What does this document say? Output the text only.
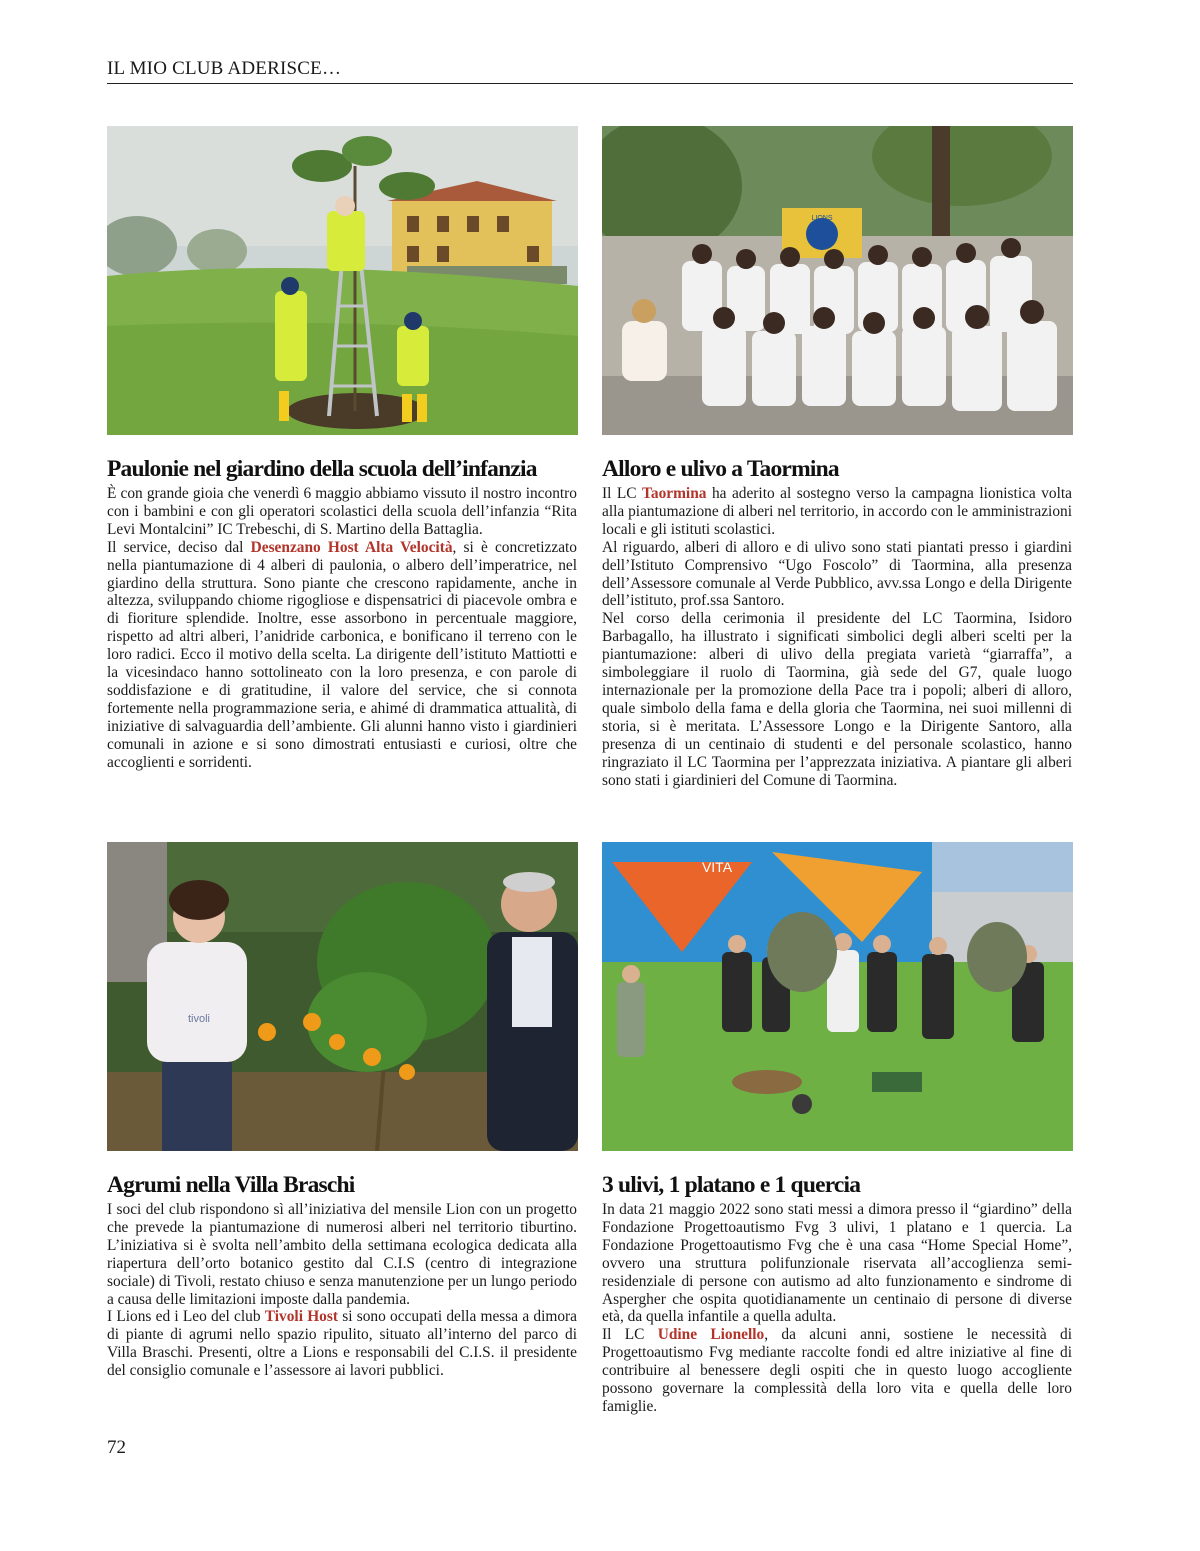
IL MIO CLUB ADERISCE…
LIONS
Paulonie nel giardino della scuola dell’infanzia

È con grande gioia che venerdì 6 maggio abbiamo vissuto il nostro incontro con i bambini e con gli operatori scolastici della scuola dell’infanzia “Rita Levi Montalcini” IC Trebeschi, di S. Martino della Battaglia.

Il service, deciso dal Desenzano Host Alta Velocità, si è concretizzato nella piantumazione di 4 alberi di paulonia, o albero dell’imperatrice, nel giardino della struttura. Sono piante che crescono rapidamente, anche in altezza, sviluppando chiome rigogliose e dispensatrici di piacevole ombra e di fioriture splendide. Inoltre, esse assorbono in percentuale maggiore, rispetto ad altri alberi, l’anidride carbonica, e bonificano il terreno con le loro radici. Ecco il motivo della scelta. La dirigente dell’istituto Mattiotti e la vicesindaco hanno sottolineato con la loro presenza, e con parole di soddisfazione e di gratitudine, il valore del service, che si connota fortemente nella programmazione seria, e ahimé di drammatica attualità, di iniziative di salvaguardia dell’ambiente. Gli alunni hanno visto i giardinieri comunali in azione e si sono dimostrati entusiasti e curiosi, oltre che accoglienti e sorridenti.

Alloro e ulivo a Taormina

Il LC Taormina ha aderito al sostegno verso la campagna lionistica volta alla piantumazione di alberi nel territorio, in accordo con le amministrazioni locali e gli istituti scolastici.

Al riguardo, alberi di alloro e di ulivo sono stati piantati presso i giardini dell’Istituto Comprensivo “Ugo Foscolo” di Taormina, alla presenza dell’Assessore comunale al Verde Pubblico, avv.ssa Longo e della Dirigente dell’istituto, prof.ssa Santoro.

Nel corso della cerimonia il presidente del LC Taormina, Isidoro Barbagallo, ha illustrato i significati simbolici degli alberi scelti per la piantumazione: alberi di ulivo della pregiata varietà “giarraffa”, a simboleggiare il ruolo di Taormina, già sede del G7, quale luogo internazionale per la promozione della Pace tra i popoli; alberi di alloro, quale simbolo della fama e della gloria che Taormina, nei suoi millenni di storia, si è meritata. L’Assessore Longo e la Dirigente Santoro, alla presenza di un centinaio di studenti e del personale scolastico, hanno ringraziato il LC Taormina per l’apprezzata iniziativa. A piantare gli alberi sono stati i giardinieri del Comune di Taormina.

tivoli
VITA
Agrumi nella Villa Braschi

I soci del club rispondono sì all’iniziativa del mensile Lion con un progetto che prevede la piantumazione di numerosi alberi nel territorio tiburtino. L’iniziativa si è svolta nell’ambito della settimana ecologica dedicata alla riapertura dell’orto botanico gestito dal C.I.S (centro di integrazione sociale) di Tivoli, restato chiuso e senza manutenzione per un lungo periodo a causa delle limitazioni imposte dalla pandemia.

I Lions ed i Leo del club Tivoli Host si sono occupati della messa a dimora di piante di agrumi nello spazio ripulito, situato all’interno del parco di Villa Braschi. Presenti, oltre a Lions e responsabili del C.I.S. il presidente del consiglio comunale e l’assessore ai lavori pubblici.

3 ulivi, 1 platano e 1 quercia

In data 21 maggio 2022 sono stati messi a dimora presso il “giardino” della Fondazione Progettoautismo Fvg 3 ulivi, 1 platano e 1 quercia. La Fondazione Progettoautismo Fvg che è una casa “Home Special Home”, ovvero una struttura polifunzionale riservata all’accoglienza semi-residenziale di persone con autismo ad alto funzionamento e sindrome di Aspergher che ospita quotidianamente un centinaio di persone di diverse età, da quella infantile a quella adulta.

Il LC Udine Lionello, da alcuni anni, sostiene le necessità di Progettoautismo Fvg mediante raccolte fondi ed altre iniziative al fine di contribuire al benessere degli ospiti che in questo luogo accogliente possono governare la complessità della loro vita e quella delle loro famiglie.

72
